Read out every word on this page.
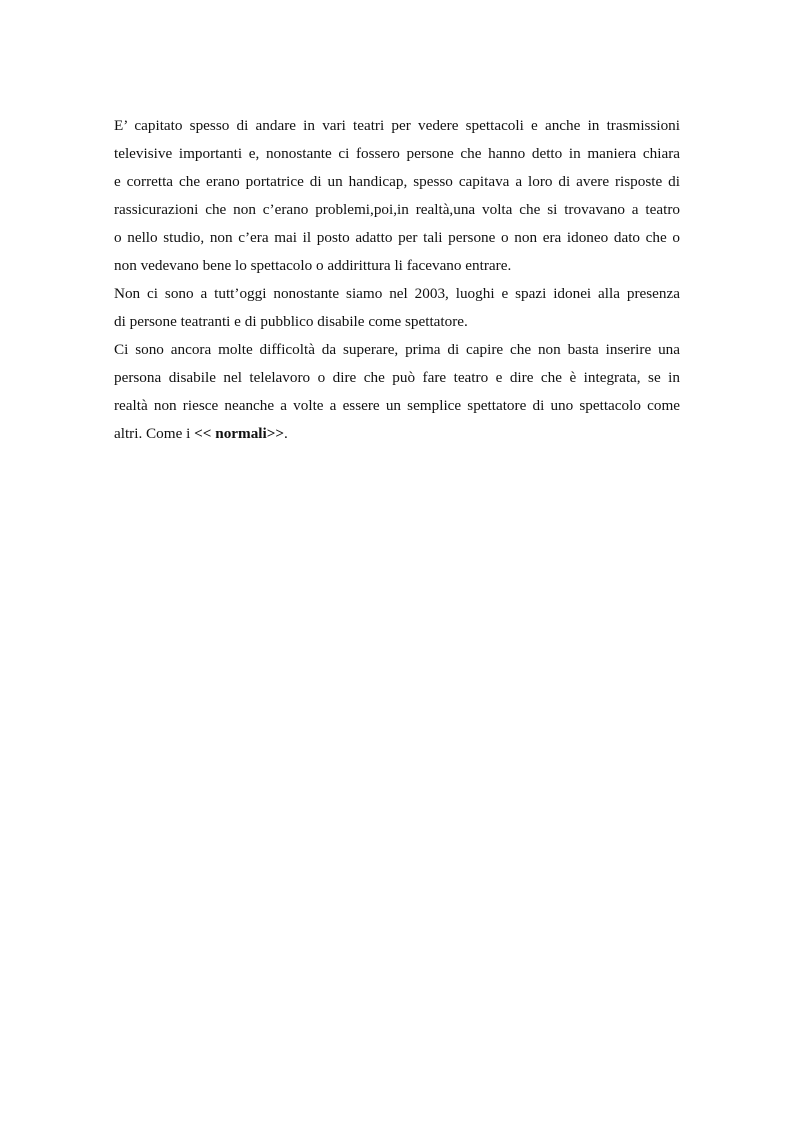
E’ capitato spesso di andare in vari teatri per vedere spettacoli e anche in trasmissioni
televisive importanti e, nonostante ci fossero persone che hanno detto in maniera chiara
e corretta che erano portatrice di un handicap, spesso capitava a loro di avere risposte di
rassicurazioni che non c’erano problemi,poi,in realtà,una volta che si trovavano a teatro
o nello studio, non c’era mai il posto adatto per tali persone o non era idoneo dato che o
non vedevano bene lo spettacolo o addirittura li facevano entrare.
Non ci sono a tutt’oggi nonostante siamo nel 2003, luoghi e spazi idonei alla presenza
di persone teatranti e di pubblico disabile come spettatore.
Ci sono ancora molte difficoltà da superare, prima di capire che non basta inserire una
persona disabile nel telelavoro o dire che può fare teatro e dire che è integrata, se in
realtà non riesce neanche a volte a essere un semplice spettatore di uno spettacolo come
altri. Come i << normali>>.
